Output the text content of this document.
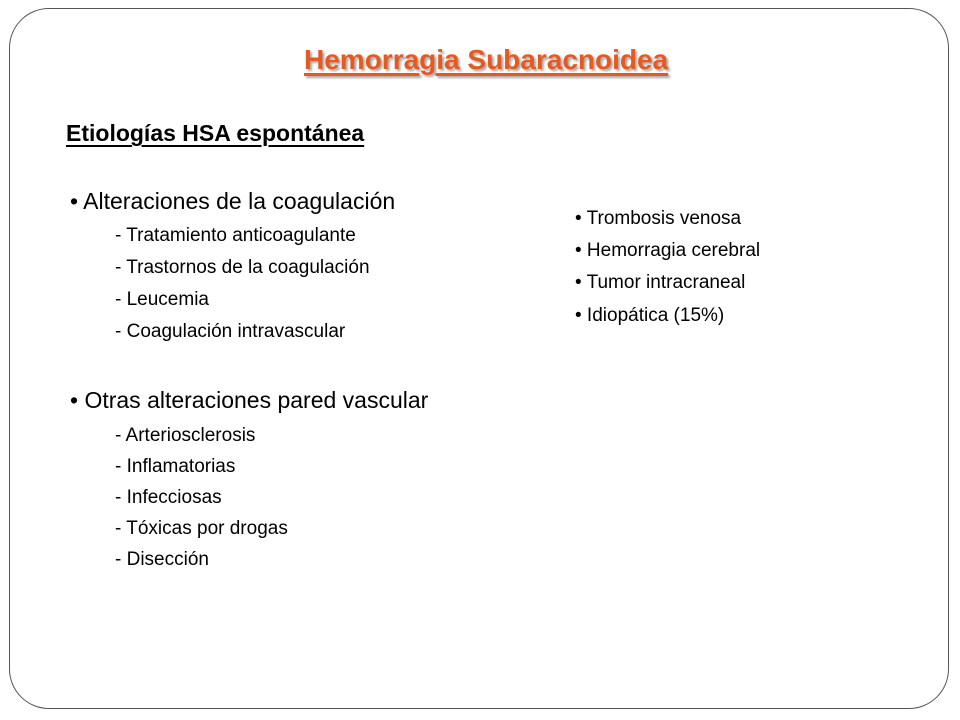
Hemorragia Subaracnoidea
Etiologías HSA espontánea
• Alteraciones de la coagulación
- Tratamiento anticoagulante
- Trastornos de la coagulación
- Leucemia
- Coagulación intravascular
• Otras alteraciones pared vascular
- Arteriosclerosis
- Inflamatorias
- Infecciosas
- Tóxicas por drogas
- Disección
• Trombosis venosa
• Hemorragia cerebral
• Tumor intracraneal
• Idiopática (15%)
